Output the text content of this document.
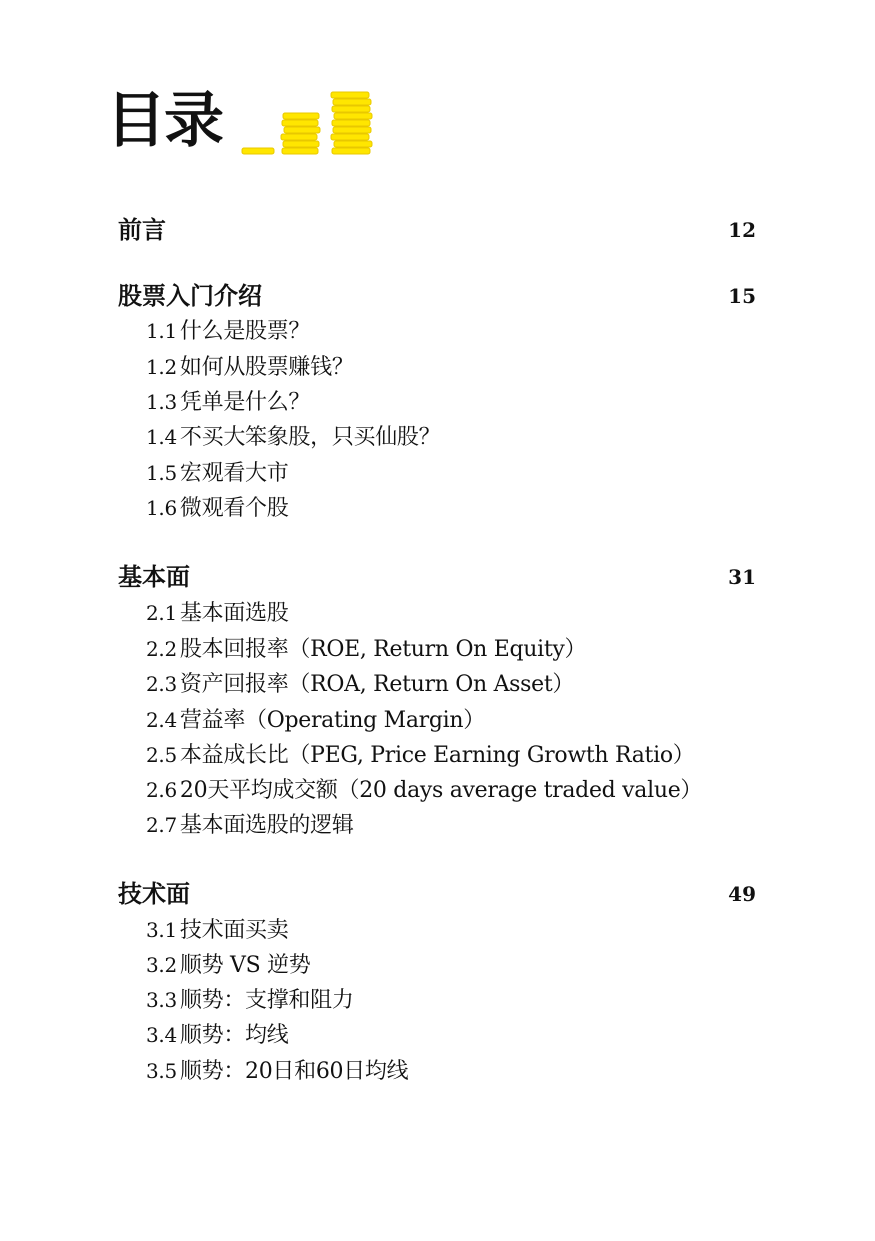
目录
前言	12
股票入门介绍	15
1.1 什么是股票？
1.2 如何从股票赚钱？
1.3 凭单是什么？
1.4 不买大笨象股，只买仙股？
1.5 宏观看大市
1.6 微观看个股
基本面	31
2.1 基本面选股
2.2 股本回报率（ROE, Return On Equity）
2.3 资产回报率（ROA, Return On Asset）
2.4 营益率（Operating Margin）
2.5 本益成长比（PEG, Price Earning Growth Ratio）
2.6 20天平均成交额（20 days average traded value）
2.7 基本面选股的逻辑
技术面	49
3.1 技术面买卖
3.2 顺势 VS 逆势
3.3 顺势：支撑和阻力
3.4 顺势：均线
3.5 顺势：20日和60日均线
